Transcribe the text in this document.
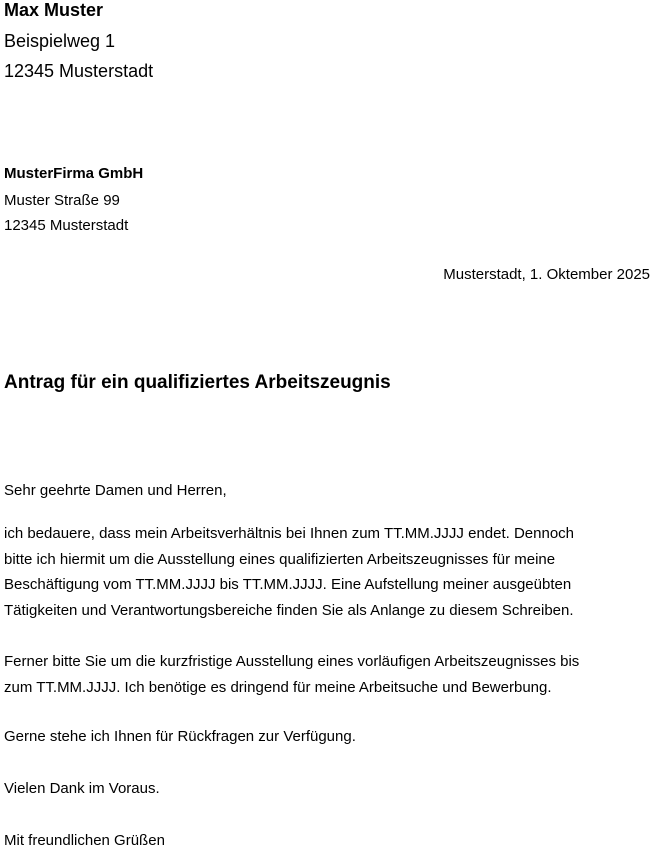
Max Muster
Beispielweg 1
12345 Musterstadt
MusterFirma GmbH
Muster Straße 99
12345 Musterstadt
Musterstadt, 1. Oktember 2025
Antrag für ein qualifiziertes Arbeitszeugnis

Sehr geehrte Damen und Herren,

ich bedauere, dass mein Arbeitsverhältnis bei Ihnen zum TT.MM.JJJJ endet. Dennoch
bitte ich hiermit um die Ausstellung eines qualifizierten Arbeitszeugnisses für meine
Beschäftigung vom TT.MM.JJJJ bis TT.MM.JJJJ. Eine Aufstellung meiner ausgeübten
Tätigkeiten und Verantwortungsbereiche finden Sie als Anlange zu diesem Schreiben.
Ferner bitte Sie um die kurzfristige Ausstellung eines vorläufigen Arbeitszeugnisses bis
zum TT.MM.JJJJ. Ich benötige es dringend für meine Arbeitsuche und Bewerbung.

Gerne stehe ich Ihnen für Rückfragen zur Verfügung.

Vielen Dank im Voraus.

Mit freundlichen Grüßen
